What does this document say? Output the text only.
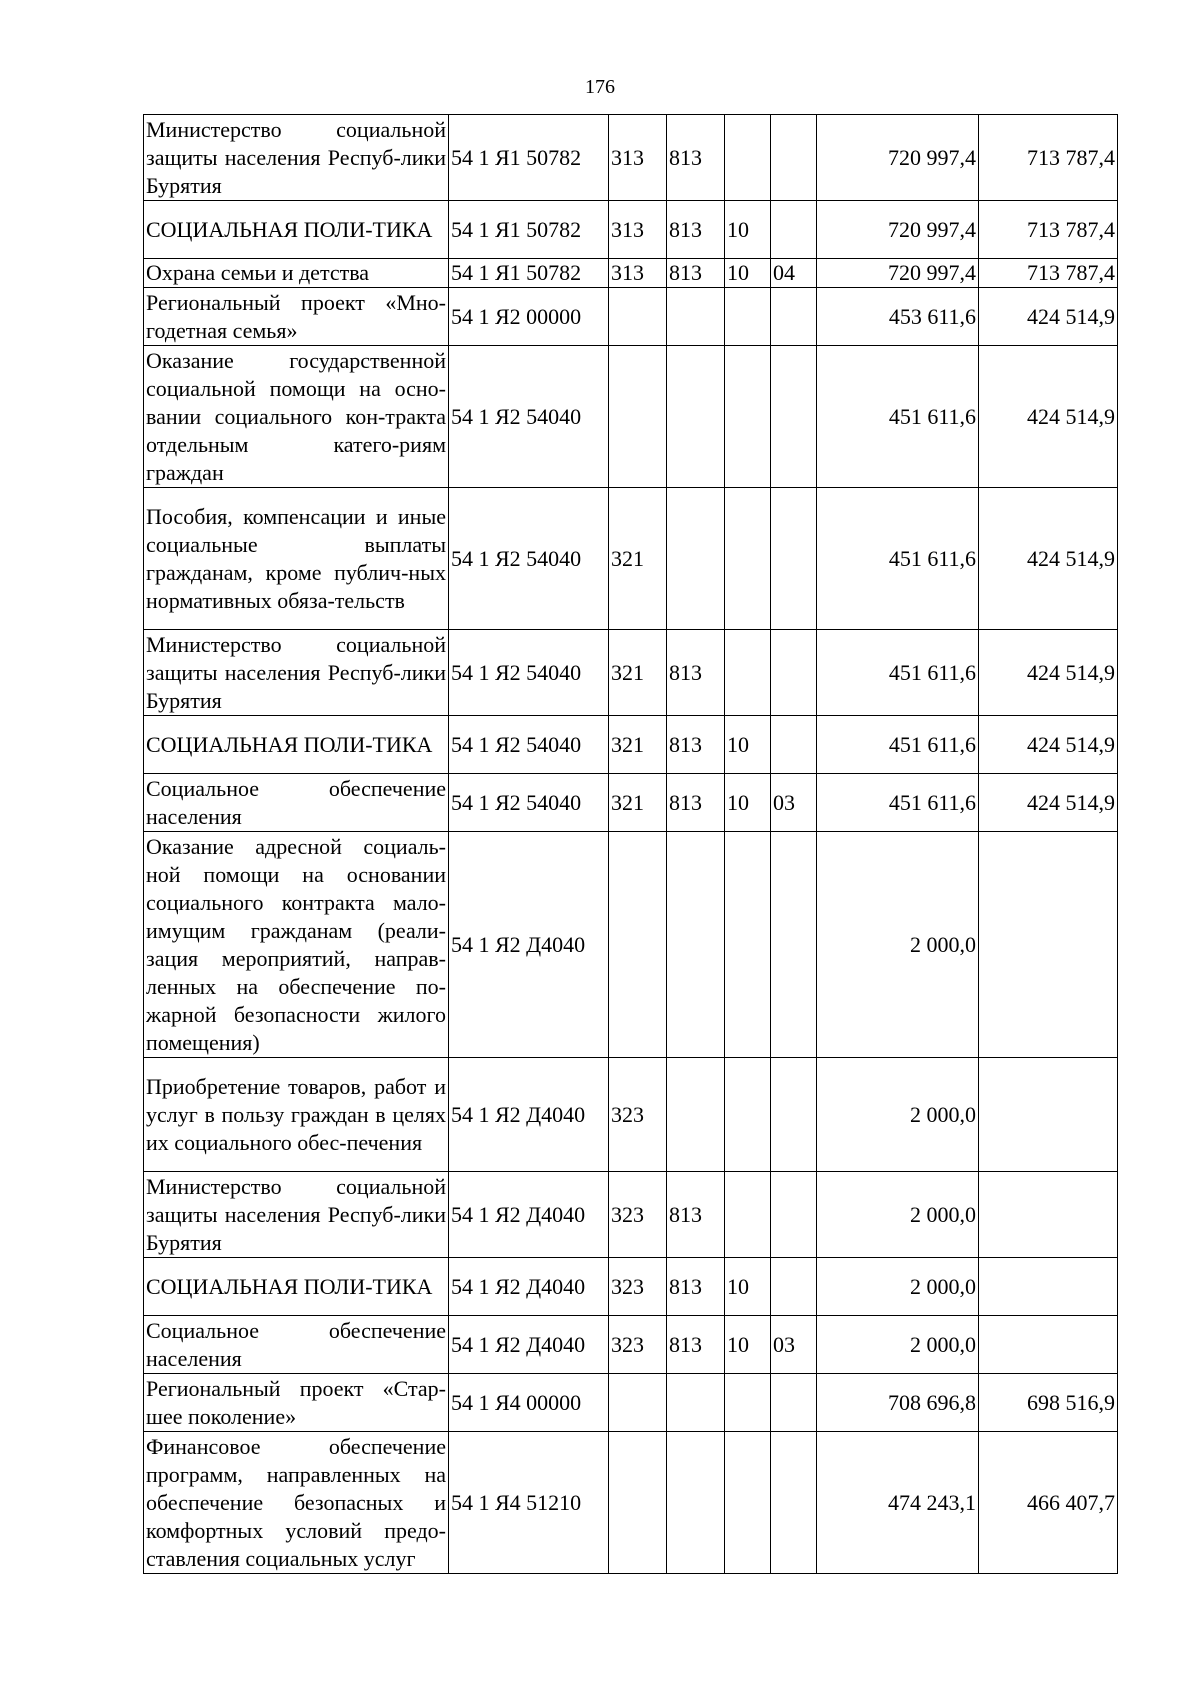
176
Министерство социальной защиты населения Респуб-лики Бурятия	54 1 Я1 50782	313	813			720 997,4	713 787,4
СОЦИАЛЬНАЯ ПОЛИ-ТИКА	54 1 Я1 50782	313	813	10		720 997,4	713 787,4
Охрана семьи и детства	54 1 Я1 50782	313	813	10	04	720 997,4	713 787,4
Региональный проект «Мно-годетная семья»	54 1 Я2 00000					453 611,6	424 514,9
Оказание государственной социальной помощи на осно-вании социального кон-тракта отдельным катего-риям граждан	54 1 Я2 54040					451 611,6	424 514,9
Пособия, компенсации и иные социальные выплаты гражданам, кроме публич-ных нормативных обяза-тельств	54 1 Я2 54040	321				451 611,6	424 514,9
Министерство социальной защиты населения Респуб-лики Бурятия	54 1 Я2 54040	321	813			451 611,6	424 514,9
СОЦИАЛЬНАЯ ПОЛИ-ТИКА	54 1 Я2 54040	321	813	10		451 611,6	424 514,9
Социальное обеспечение населения	54 1 Я2 54040	321	813	10	03	451 611,6	424 514,9
Оказание адресной социаль-ной помощи на основании социального контракта мало-имущим гражданам (реали-зация мероприятий, направ-ленных на обеспечение по-жарной безопасности жилого помещения)	54 1 Я2 Д4040					2 000,0	
Приобретение товаров, работ и услуг в пользу граждан в целях их социального обес-печения	54 1 Я2 Д4040	323				2 000,0	
Министерство социальной защиты населения Респуб-лики Бурятия	54 1 Я2 Д4040	323	813			2 000,0	
СОЦИАЛЬНАЯ ПОЛИ-ТИКА	54 1 Я2 Д4040	323	813	10		2 000,0	
Социальное обеспечение населения	54 1 Я2 Д4040	323	813	10	03	2 000,0	
Региональный проект «Стар-шее поколение»	54 1 Я4 00000					708 696,8	698 516,9
Финансовое обеспечение программ, направленных на обеспечение безопасных и комфортных условий предо-ставления социальных услуг	54 1 Я4 51210					474 243,1	466 407,7
